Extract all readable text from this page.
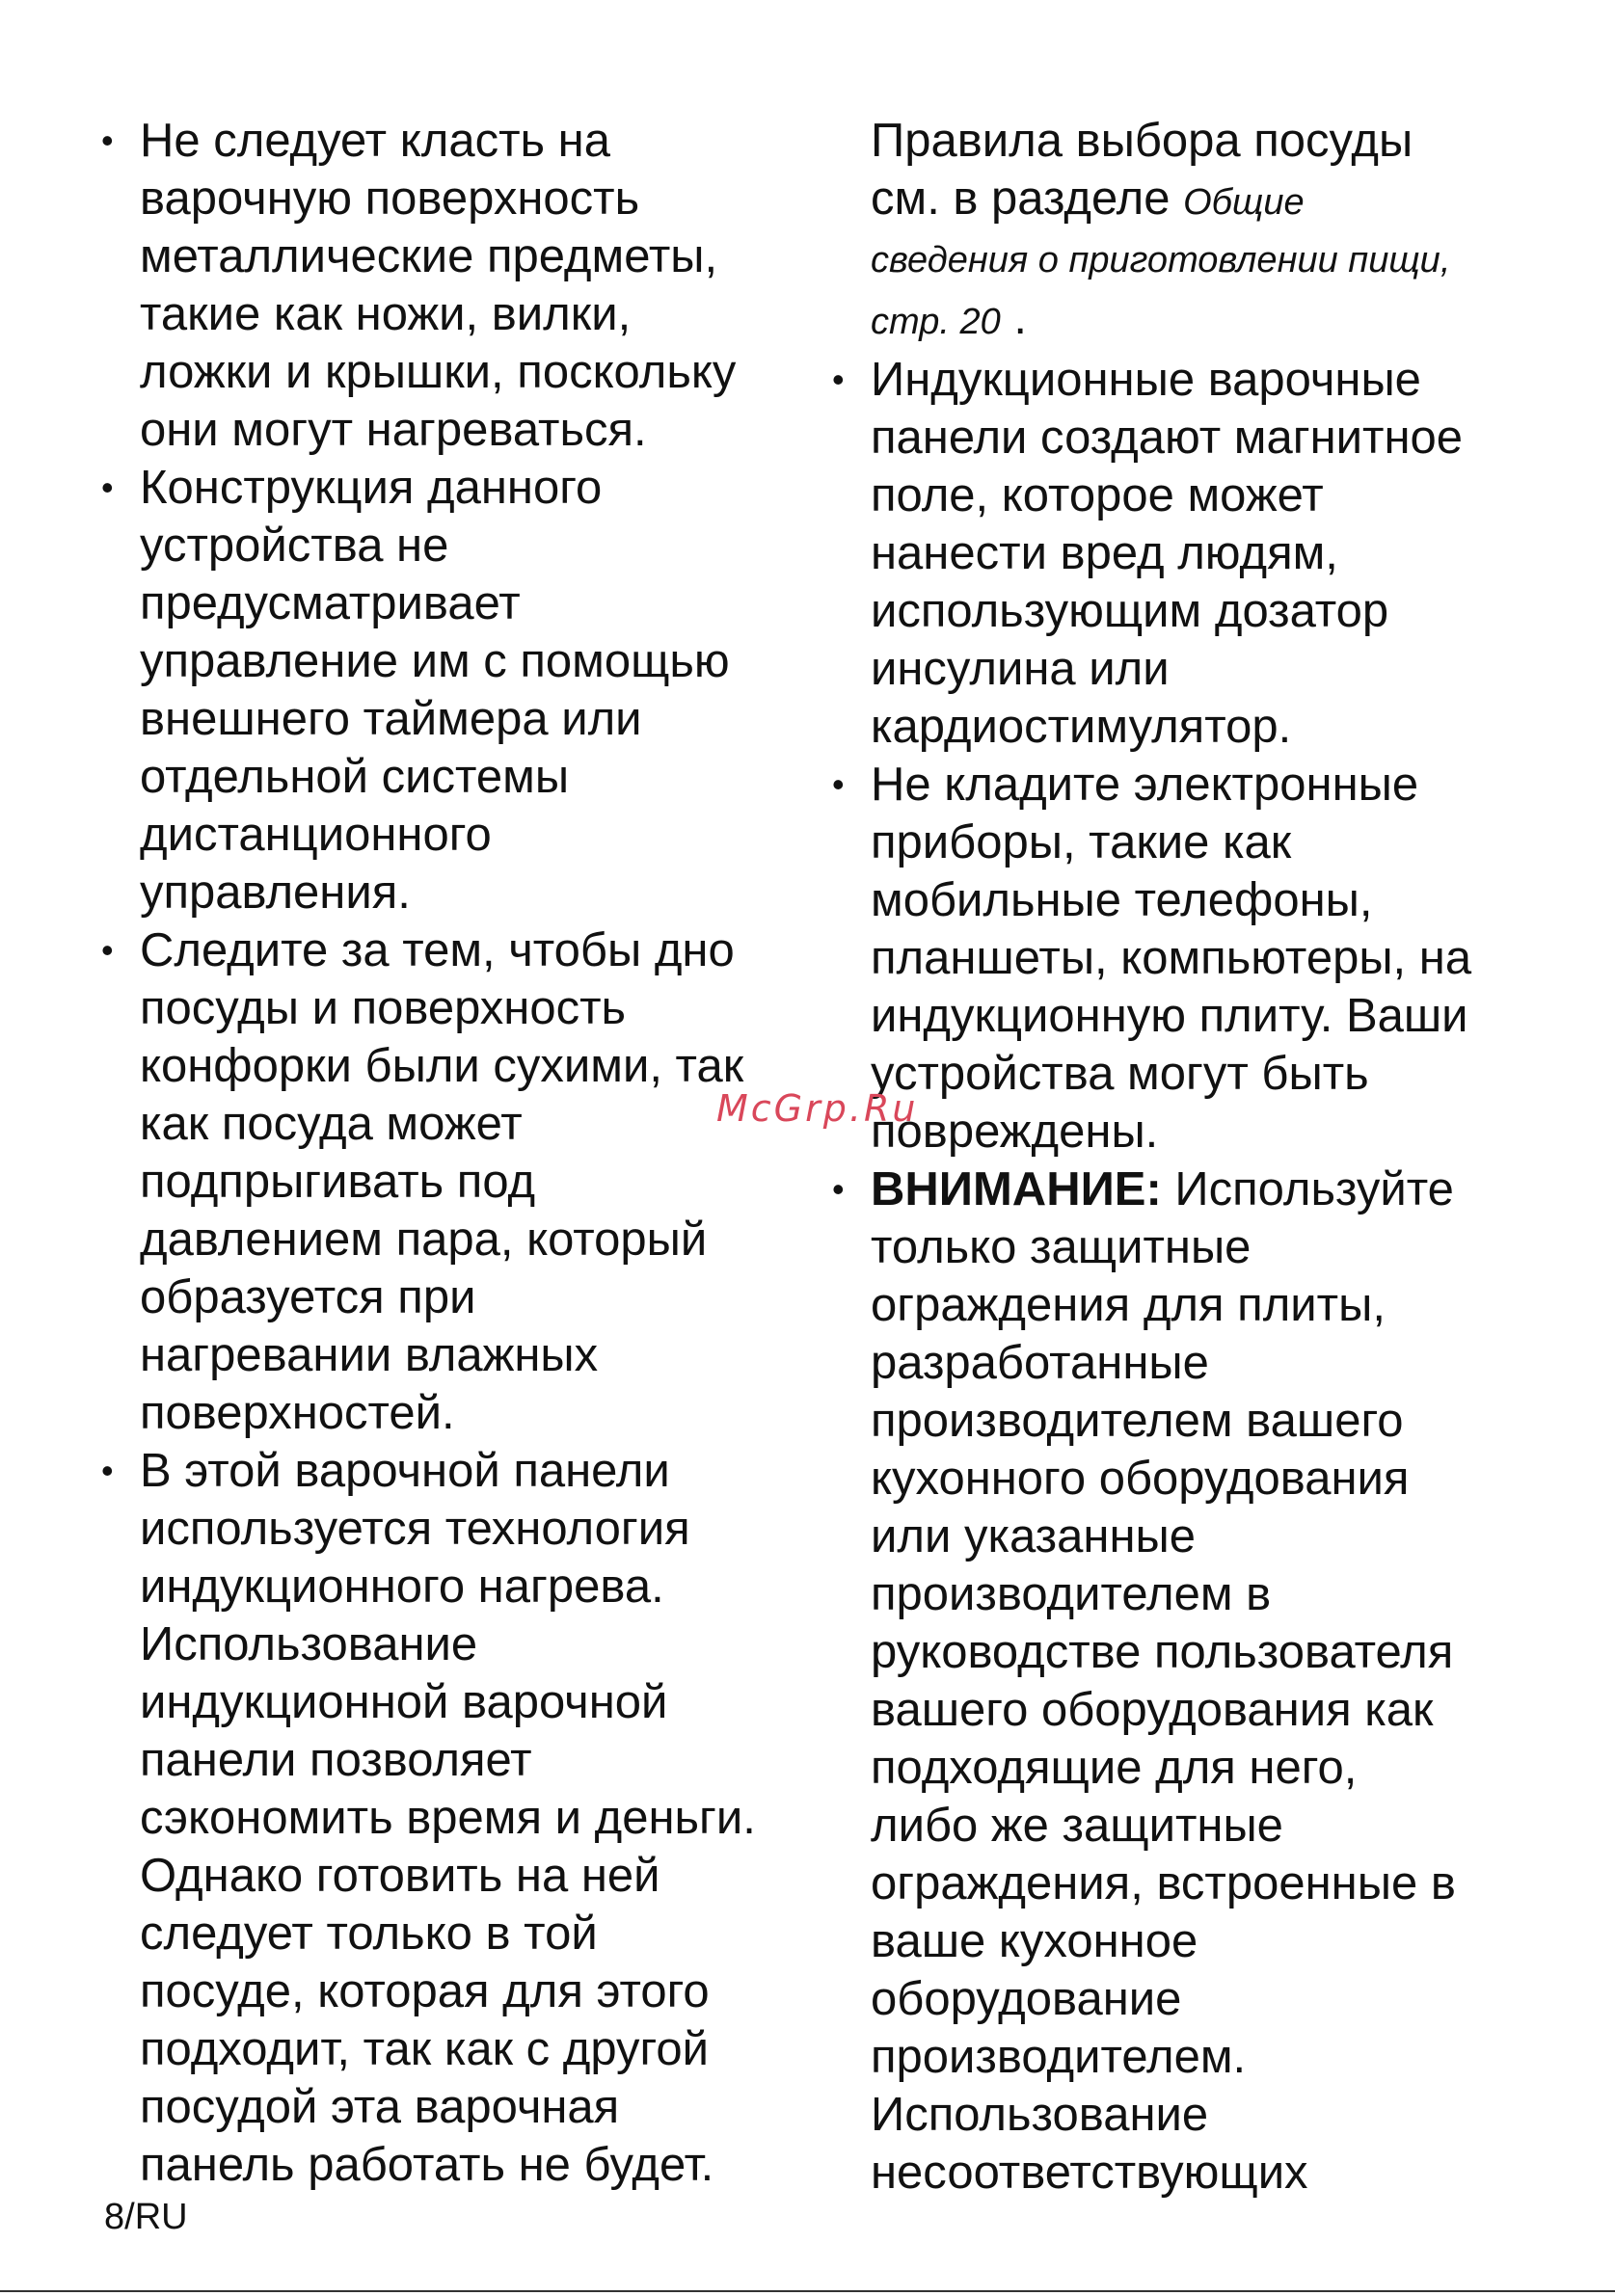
• Не следует класть на
варочную поверхность
металлические предметы,
такие как ножи, вилки,
ложки и крышки, поскольку
они могут нагреваться.
• Конструкция данного
устройства не
предусматривает
управление им с помощью
внешнего таймера или
отдельной системы
дистанционного
управления.
• Следите за тем, чтобы дно
посуды и поверхность
конфорки были сухими, так
как посуда может
подпрыгивать под
давлением пара, который
образуется при
нагревании влажных
поверхностей.
• В этой варочной панели
используется технология
индукционного нагрева.
Использование
индукционной варочной
панели позволяет
сэкономить время и деньги.
Однако готовить на ней
следует только в той
посуде, которая для этого
подходит, так как с другой
посудой эта варочная
панель работать не будет.
Правила выбора посуды
см. в разделе Общие
сведения о приготовлении пищи,
стр. 20 .
• Индукционные варочные
панели создают магнитное
поле, которое может
нанести вред людям,
использующим дозатор
инсулина или
кардиостимулятор.
• Не кладите электронные
приборы, такие как
мобильные телефоны,
планшеты, компьютеры, на
индукционную плиту. Ваши
устройства могут быть
повреждены.
• ВНИМАНИЕ: Используйте
только защитные
ограждения для плиты,
разработанные
производителем вашего
кухонного оборудования
или указанные
производителем в
руководстве пользователя
вашего оборудования как
подходящие для него,
либо же защитные
ограждения, встроенные в
ваше кухонное
оборудование
производителем.
Использование
несоответствующих
McGrp.Ru
8/RU
